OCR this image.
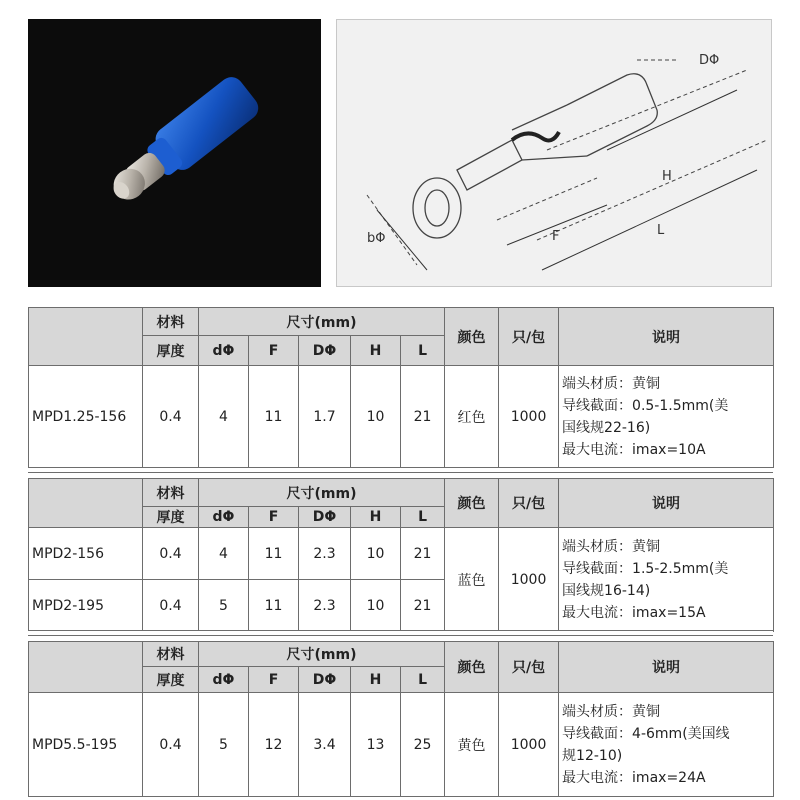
DΦ
H
F	L
bΦ
	材料	尺寸(mm)					颜色	只/包	说明
	厚度	dΦ	F	DΦ	H	L			
MPD1.25-156	0.4	4	11	1.7	10	21	红色	1000	端头材质：黄铜
导线截面：0.5-1.5mm(美
国线规22-16)
最大电流：imax=10A
	材料	尺寸(mm)					颜色	只/包	说明
	厚度	dΦ	F	DΦ	H	L			
MPD2-156	0.4	4	11	2.3	10	21	蓝色	1000	端头材质：黄铜
导线截面：1.5-2.5mm(美
国线规16-14)
最大电流：imax=15A

MPD2-195	0.4	5	11	2.3	10	21			
	材料	尺寸(mm)					颜色	只/包	说明
	厚度	dΦ	F	DΦ	H	L			
MPD5.5-195	0.4	5	12	3.4	13	25	黄色	1000	端头材质：黄铜
导线截面：4-6mm(美国线
规12-10)
最大电流：imax=24A
